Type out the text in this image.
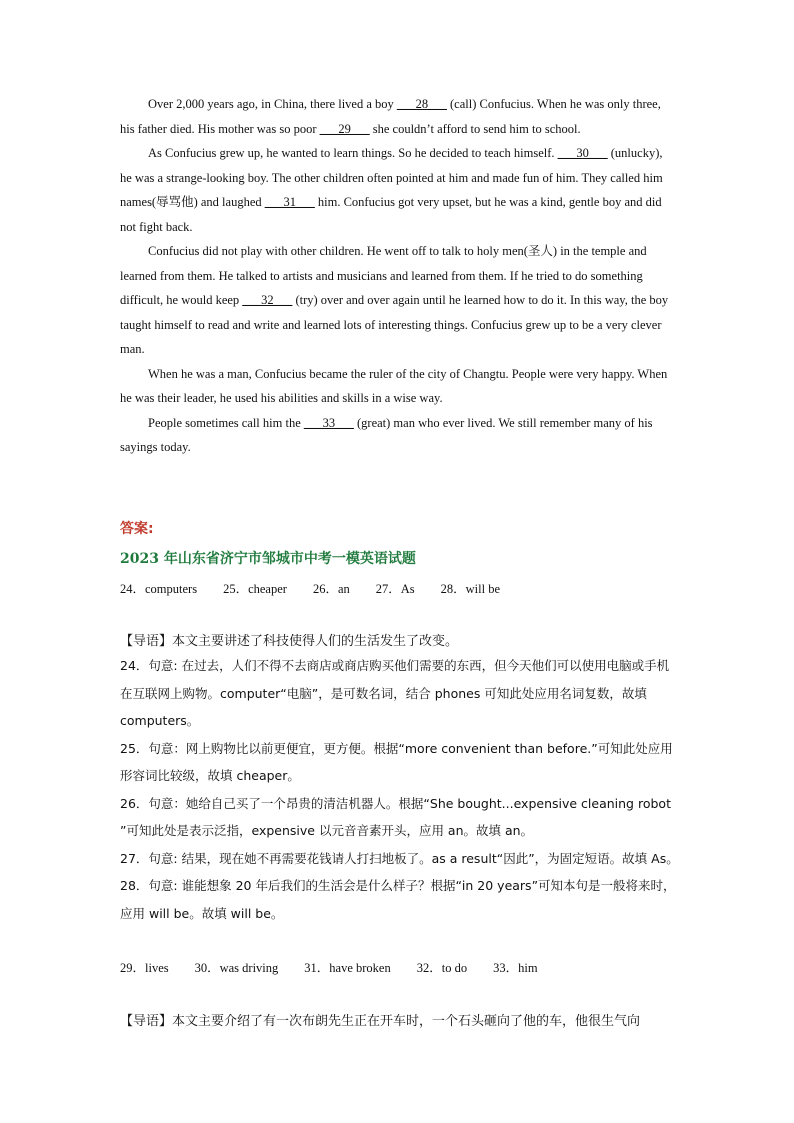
Over 2,000 years ago, in China, there lived a boy ___28___ (call) Confucius. When he was only three, his father died. His mother was so poor ___29___ she couldn’t afford to send him to school.

As Confucius grew up, he wanted to learn things. So he decided to teach himself. ___30___ (unlucky), he was a strange-looking boy. The other children often pointed at him and made fun of him. They called him names(辱骂他) and laughed ___31___ him. Confucius got very upset, but he was a kind, gentle boy and did not fight back.

Confucius did not play with other children. He went off to talk to holy men(圣人) in the temple and learned from them. He talked to artists and musicians and learned from them. If he tried to do something difficult, he would keep ___32___ (try) over and over again until he learned how to do it. In this way, the boy taught himself to read and write and learned lots of interesting things. Confucius grew up to be a very clever man.

When he was a man, Confucius became the ruler of the city of Changtu. People were very happy. When he was their leader, he used his abilities and skills in a wise way.

People sometimes call him the ___33___ (great) man who ever lived. We still remember many of his sayings today.

答案:
2023 年山东省济宁市邹城市中考一模英语试题
24．computers 25．cheaper 26．an 27．As 28．will be
【导语】本文主要讲述了科技使得人们的生活发生了改变。

24．句意: 在过去，人们不得不去商店或商店购买他们需要的东西，但今天他们可以使用电脑或手机在互联网上购物。computer“电脑”，是可数名词，结合 phones 可知此处应用名词复数，故填 computers。

25．句意：网上购物比以前更便宜，更方便。根据“more convenient than before.”可知此处应用形容词比较级，故填 cheaper。

26．句意：她给自己买了一个昂贵的清洁机器人。根据“She bought...expensive cleaning robot ”可知此处是表示泛指，expensive 以元音音素开头，应用 an。故填 an。

27．句意: 结果，现在她不再需要花钱请人打扫地板了。as a result“因此”，为固定短语。故填 As。

28．句意: 谁能想象 20 年后我们的生活会是什么样子？根据“in 20 years”可知本句是一般将来时，应用 will be。故填 will be。

29．lives 30．was driving 31．have broken 32．to do 33．him
【导语】本文主要介绍了有一次布朗先生正在开车时，一个石头砸向了他的车，他很生气向
